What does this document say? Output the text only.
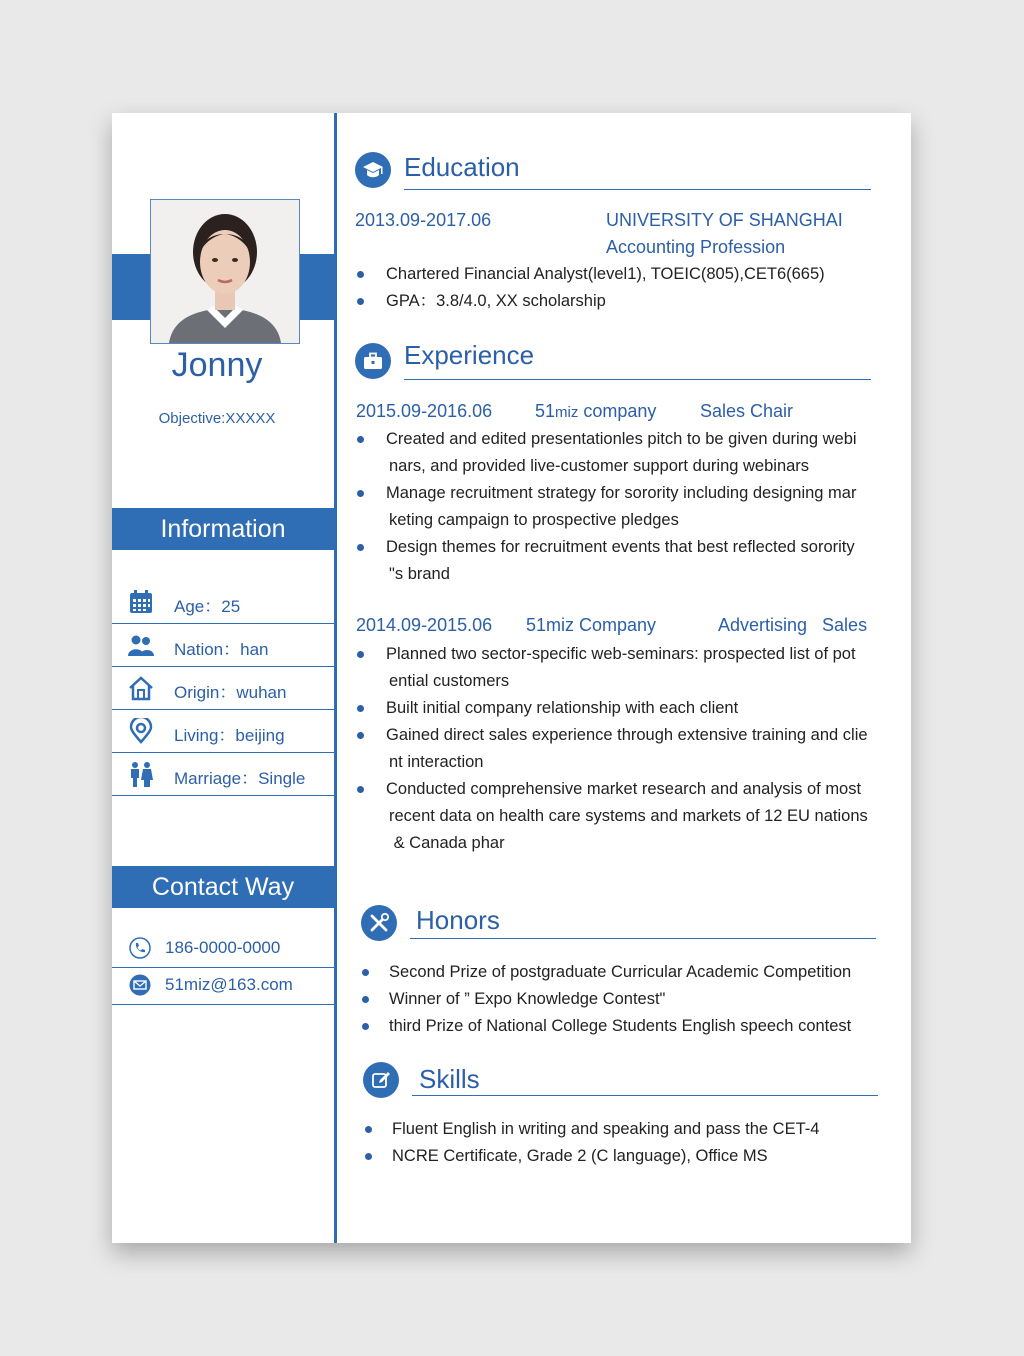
Jonny
Objective:XXXXX
Information
Age：25
Nation：han
Origin：wuhan
Living：beijing
Marriage：Single
Contact Way
186-0000-0000
51miz@163.com
Education
2013.09-2017.06	UNIVERSITY OF SHANGHAI
Accounting Profession
Chartered Financial Analyst(level1), TOEIC(805),CET6(665)
GPA：3.8/4.0, XX scholarship
Experience
2015.09-2016.06 51miz company Sales Chair
Created and edited presentationles pitch to be given during webi
nars, and provided live-customer support during webinars
Manage recruitment strategy for sorority including designing mar
keting campaign to prospective pledges
Design themes for recruitment events that best reflected sorority
"s brand
2014.09-2015.06 51miz Company	Advertising   Sales
Planned two sector-specific web-seminars: prospected list of pot
ential customers
Built initial company relationship with each client
Gained direct sales experience through extensive training and clie
nt interaction
Conducted comprehensive market research and analysis of most
recent data on health care systems and markets of 12 EU nations
& Canada phar
Honors
Second Prize of postgraduate Curricular Academic Competition
Winner of ” Expo Knowledge Contest"
third Prize of National College Students English speech contest
Skills
Fluent English in writing and speaking and pass the CET-4
NCRE Certificate, Grade 2 (C language), Office MS
